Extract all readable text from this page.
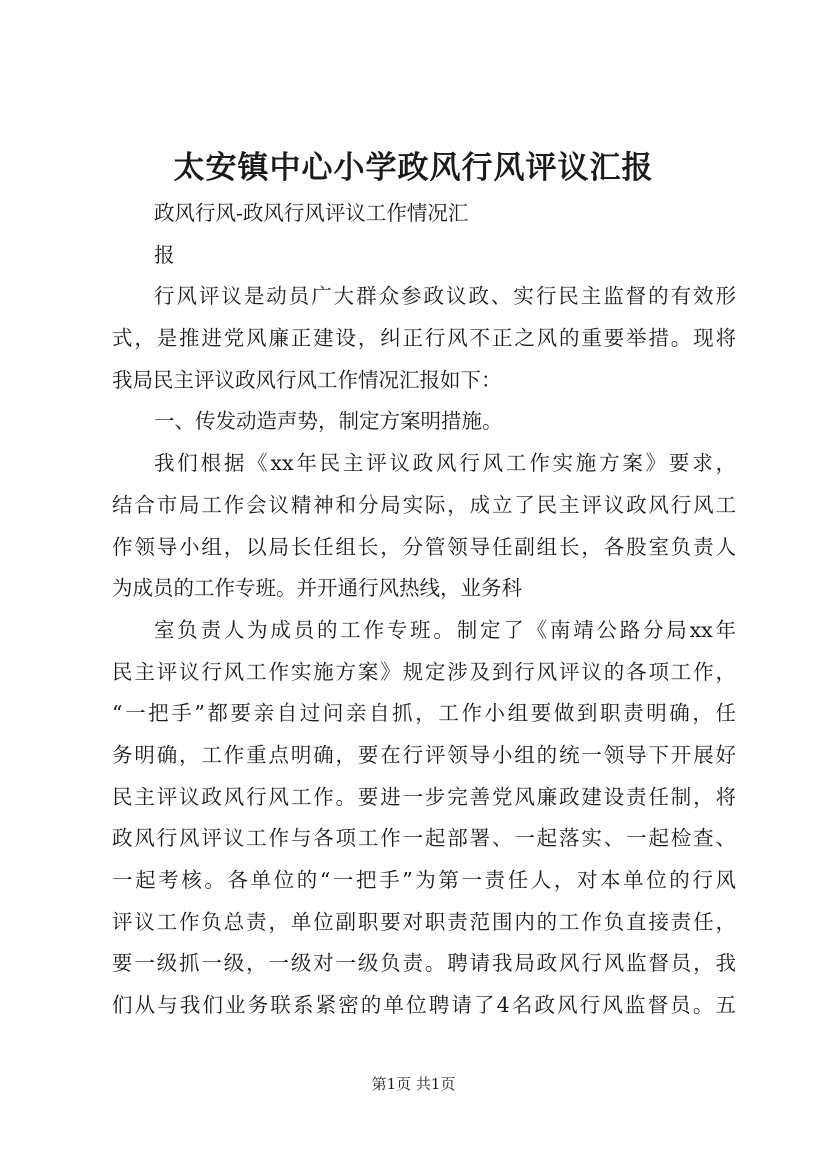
太安镇中心小学政风行风评议汇报
政风行风-政风行风评议工作情况汇
报
行风评议是动员广大群众参政议政、实行民主监督的有效形
式，是推进党风廉正建设，纠正行风不正之风的重要举措。现将
我局民主评议政风行风工作情况汇报如下：
一、传发动造声势，制定方案明措施。
我们根据《xx年民主评议政风行风工作实施方案》要求，
结合市局工作会议精神和分局实际，成立了民主评议政风行风工
作领导小组，以局长任组长，分管领导任副组长，各股室负责人
为成员的工作专班。并开通行风热线，业务科
室负责人为成员的工作专班。制定了《南靖公路分局xx年
民主评议行风工作实施方案》规定涉及到行风评议的各项工作，
“一把手”都要亲自过问亲自抓，工作小组要做到职责明确，任
务明确，工作重点明确，要在行评领导小组的统一领导下开展好
民主评议政风行风工作。要进一步完善党风廉政建设责任制，将
政风行风评议工作与各项工作一起部署、一起落实、一起检查、
一起考核。各单位的“一把手”为第一责任人，对本单位的行风
评议工作负总责，单位副职要对职责范围内的工作负直接责任，
要一级抓一级，一级对一级负责。聘请我局政风行风监督员，我
们从与我们业务联系紧密的单位聘请了4名政风行风监督员。五
第1页 共1页
